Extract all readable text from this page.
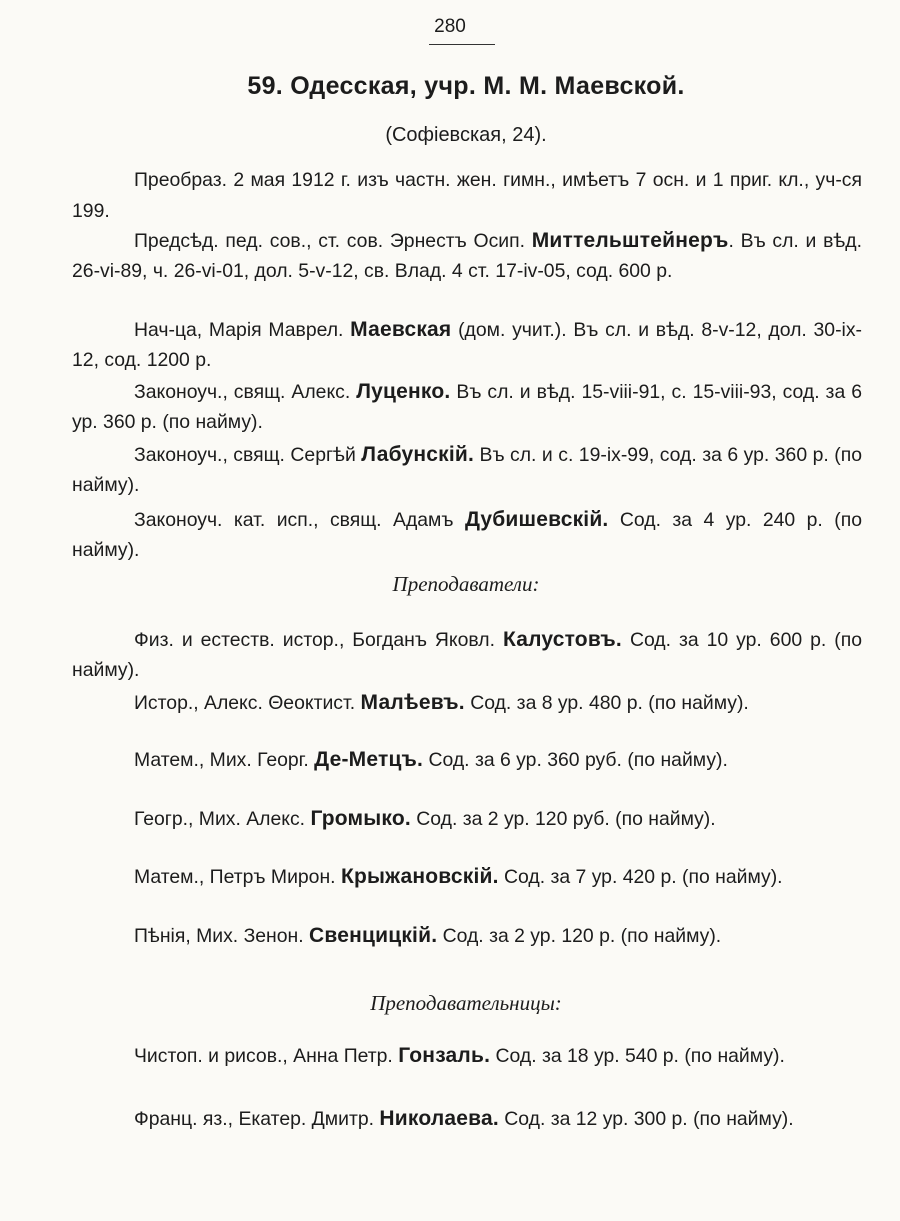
280
59. Одесская, учр. М. М. Маевской.
(Софіевская, 24).
Преобраз. 2 мая 1912 г. изъ частн. жен. гимн., имѣетъ 7 осн. и 1 приг. кл., уч-ся 199.
Предсѣд. пед. сов., ст. сов. Эрнестъ Осип. Миттельштейнеръ. Въ сл. и вѣд. 26-vi-89, ч. 26-vi-01, дол. 5-v-12, св. Влад. 4 ст. 17-iv-05, сод. 600 р.
Нач-ца, Марія Маврел. Маевская (дом. учит.). Въ сл. и вѣд. 8-v-12, дол. 30-ix-12, сод. 1200 р.
Законоуч., свящ. Алекс. Луценко. Въ сл. и вѣд. 15-viii-91, с. 15-viii-93, сод. за 6 ур. 360 р. (по найму).
Законоуч., свящ. Сергѣй Лабунскій. Въ сл. и с. 19-ix-99, сод. за 6 ур. 360 р. (по найму).
Законоуч. кат. исп., свящ. Адамъ Дубишевскій. Сод. за 4 ур. 240 р. (по найму).
Преподаватели:
Физ. и естеств. истор., Богданъ Яковл. Калустовъ. Сод. за 10 ур. 600 р. (по найму).
Истор., Алекс. Θеоктист. Малѣевъ. Сод. за 8 ур. 480 р. (по найму).
Матем., Мих. Георг. Де-Метцъ. Сод. за 6 ур. 360 руб. (по найму).
Геогр., Мих. Алекс. Громыко. Сод. за 2 ур. 120 руб. (по найму).
Матем., Петръ Мирон. Крыжановскій. Сод. за 7 ур. 420 р. (по найму).
Пѣнія, Мих. Зенон. Свенцицкій. Сод. за 2 ур. 120 р. (по найму).
Преподавательницы:
Чистоп. и рисов., Анна Петр. Гонзаль. Сод. за 18 ур. 540 р. (по найму).
Франц. яз., Екатер. Дмитр. Николаева. Сод. за 12 ур. 300 р. (по найму).
